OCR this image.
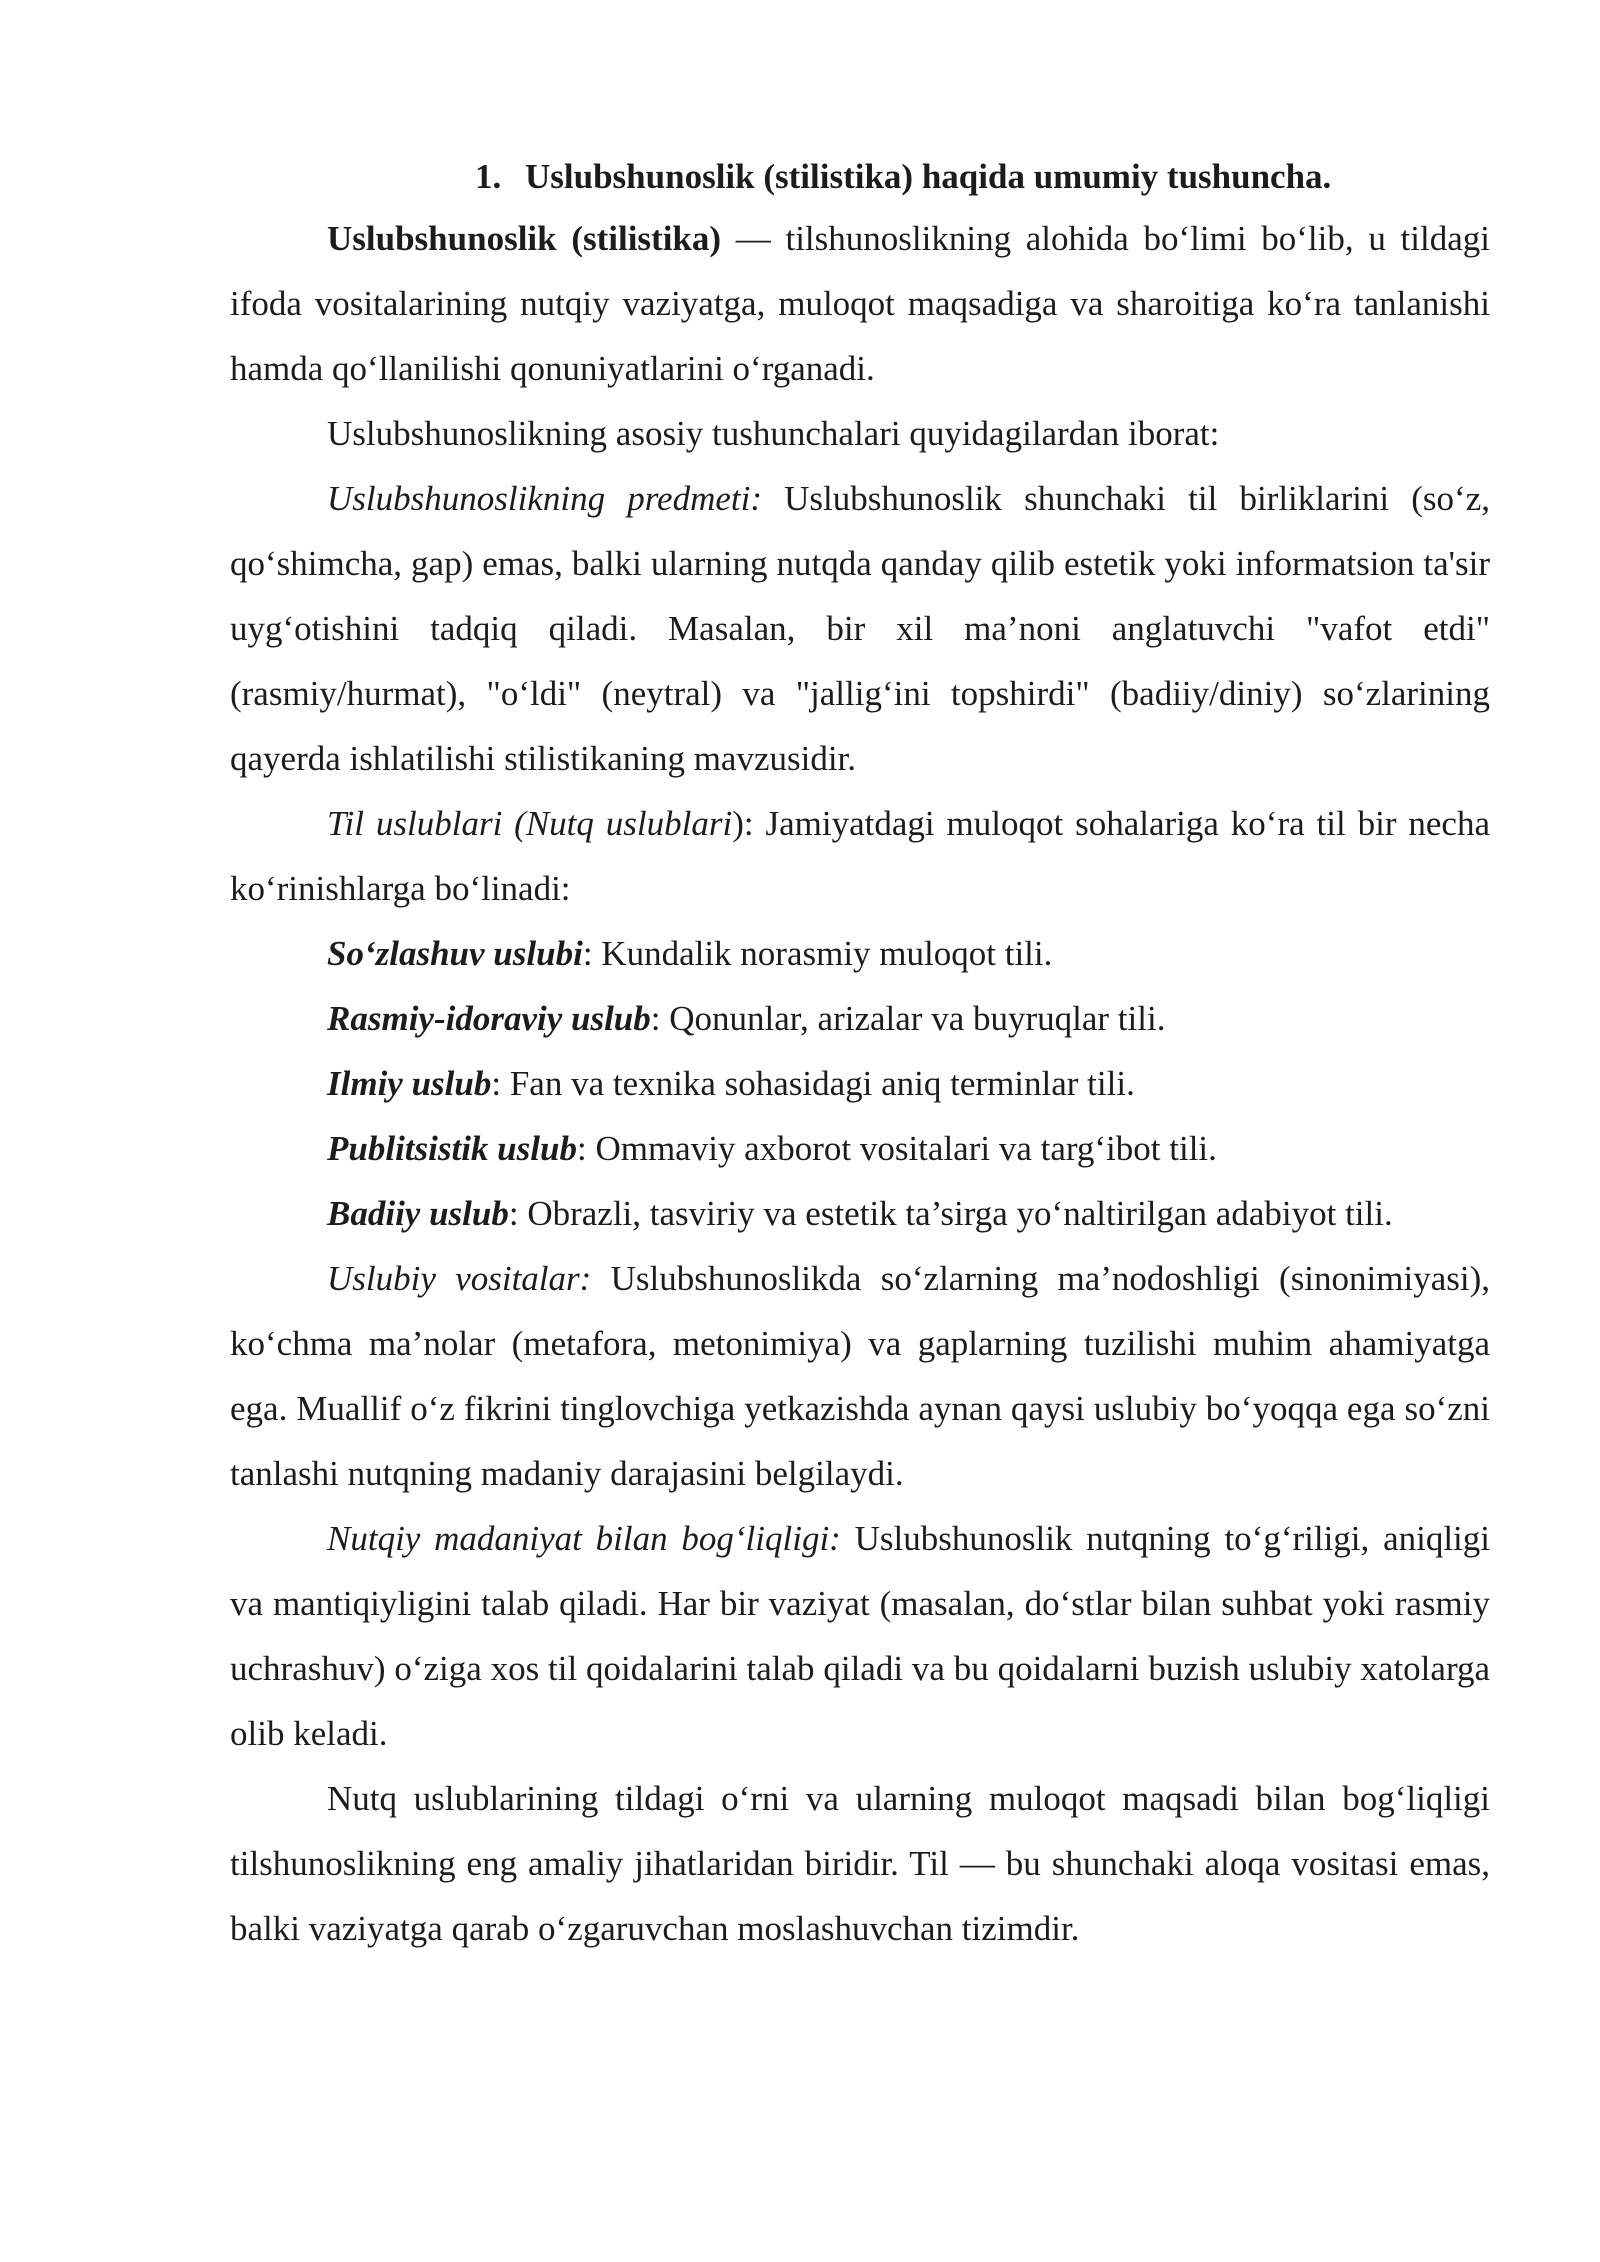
1. Uslubshunoslik (stilistika) haqida umumiy tushuncha.

Uslubshunoslik (stilistika) — tilshunoslikning alohida bo‘limi bo‘lib, u tildagi ifoda vositalarining nutqiy vaziyatga, muloqot maqsadiga va sharoitiga ko‘ra tanlanishi hamda qo‘llanilishi qonuniyatlarini o‘rganadi.

Uslubshunoslikning asosiy tushunchalari quyidagilardan iborat:

Uslubshunoslikning predmeti: Uslubshunoslik shunchaki til birliklarini (so‘z, qo‘shimcha, gap) emas, balki ularning nutqda qanday qilib estetik yoki informatsion ta'sir uyg‘otishini tadqiq qiladi. Masalan, bir xil ma’noni anglatuvchi "vafot etdi" (rasmiy/hurmat), "o‘ldi" (neytral) va "jallig‘ini topshirdi" (badiiy/diniy) so‘zlarining qayerda ishlatilishi stilistikaning mavzusidir.

Til uslublari (Nutq uslublari): Jamiyatdagi muloqot sohalariga ko‘ra til bir necha ko‘rinishlarga bo‘linadi:

So‘zlashuv uslubi: Kundalik norasmiy muloqot tili.
Rasmiy-idoraviy uslub: Qonunlar, arizalar va buyruqlar tili.
Ilmiy uslub: Fan va texnika sohasidagi aniq terminlar tili.
Publitsistik uslub: Ommaviy axborot vositalari va targ‘ibot tili.
Badiiy uslub: Obrazli, tasviriy va estetik ta’sirga yo‘naltirilgan adabiyot tili.

Uslubiy vositalar: Uslubshunoslikda so‘zlarning ma’nodoshligi (sinonimiyasi), ko‘chma ma’nolar (metafora, metonimiya) va gaplarning tuzilishi muhim ahamiyatga ega. Muallif o‘z fikrini tinglovchiga yetkazishda aynan qaysi uslubiy bo‘yoqqa ega so‘zni tanlashi nutqning madaniy darajasini belgilaydi.

Nutqiy madaniyat bilan bog‘liqligi: Uslubshunoslik nutqning to‘g‘riligi, aniqligi va mantiqiyligini talab qiladi. Har bir vaziyat (masalan, do‘stlar bilan suhbat yoki rasmiy uchrashuv) o‘ziga xos til qoidalarini talab qiladi va bu qoidalarni buzish uslubiy xatolarga olib keladi.

Nutq uslublarining tildagi o‘rni va ularning muloqot maqsadi bilan bog‘liqligi tilshunoslikning eng amaliy jihatlaridan biridir. Til — bu shunchaki aloqa vositasi emas, balki vaziyatga qarab o‘zgaruvchan moslashuvchan tizimdir.
